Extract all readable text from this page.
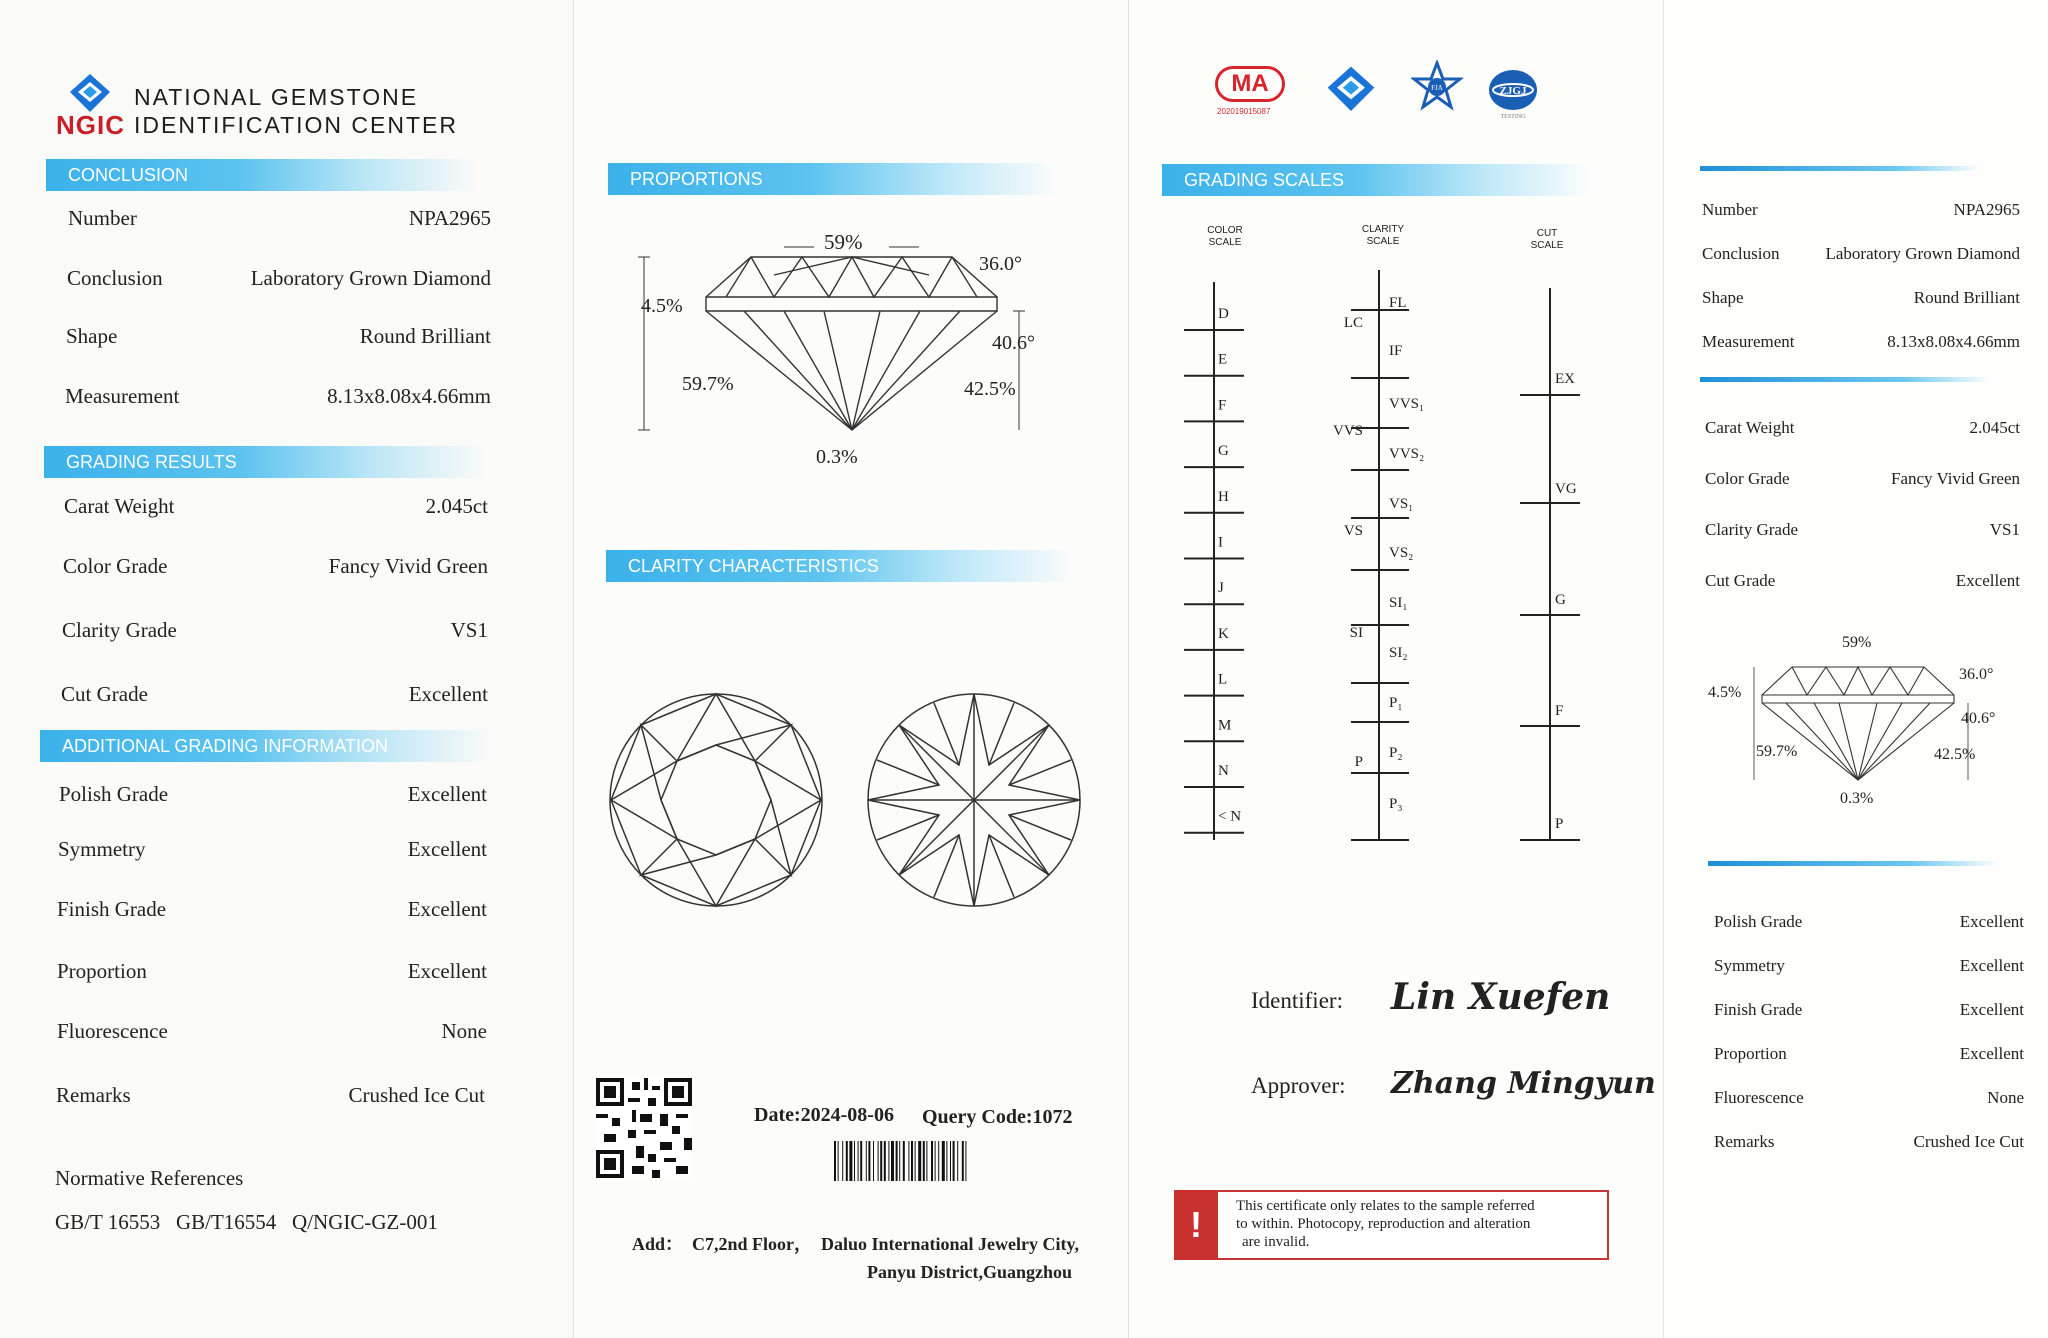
NGIC
NATIONAL GEMSTONE
IDENTIFICATION CENTER
CONCLUSION
Number	NPA2965
Conclusion	Laboratory Grown Diamond
Shape	Round Brilliant
Measurement	8.13x8.08x4.66mm
GRADING RESULTS
Carat Weight	2.045ct
Color Grade	Fancy Vivid Green
Clarity Grade	VS1
Cut Grade	Excellent
ADDITIONAL GRADING INFORMATION
Polish Grade	Excellent
Symmetry	Excellent
Finish Grade	Excellent
Proportion	Excellent
Fluorescence	None
Remarks	Crushed Ice Cut
Normative References
GB/T 16553   GB/T16554   Q/NGIC-GZ-001
PROPORTIONS
59%
36.0°
4.5%
40.6°
59.7%	42.5%
0.3%
CLARITY CHARACTERISTICS
Date:2024-08-06 Query Code:1072
Add：  C7,2nd Floor，  Daluo International Jewelry City,
Panyu District,Guangzhou
MA
202019015087
FJA	ZJGJ
TESTING
GRADING SCALES
COLOR
SCALE
CLARITY
SCALE
CUT
SCALE
D
E
F
G
H
I
J
K
L
M
N
< N
FL
IF
VVS₁
VVS₂
VS₁
VS₂
SI₁
SI₂
P₁
P₂
P₃
LC
VVS
VS
SI
P
EX
VG
G
F
P
Identifier: Lin Xuefen
Approver: Zhang Mingyun
!	This certificate only relates to the sample referred
to within. Photocopy, reproduction and alteration
are invalid.
Number	NPA2965
Conclusion	Laboratory Grown Diamond
Shape	Round Brilliant
Measurement	8.13x8.08x4.66mm
Carat Weight	2.045ct
Color Grade	Fancy Vivid Green
Clarity Grade	VS1
Cut Grade	Excellent
59%
36.0°
4.5%
40.6°
59.7%	42.5%
0.3%
Polish Grade	Excellent
Symmetry	Excellent
Finish Grade	Excellent
Proportion	Excellent
Fluorescence	None
Remarks	Crushed Ice Cut
